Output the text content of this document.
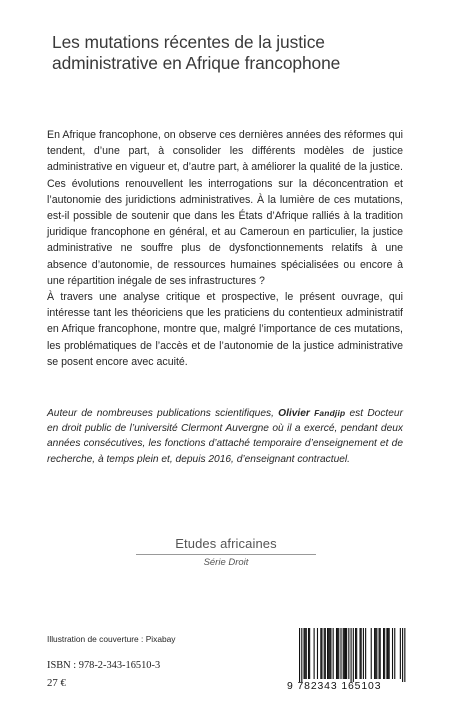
Les mutations récentes de la justice
administrative en Afrique francophone
En Afrique francophone, on observe ces dernières années des réformes qui tendent, d’une part, à consolider les différents modèles de justice administrative en vigueur et, d’autre part, à améliorer la qualité de la justice. Ces évolutions renouvellent les interrogations sur la déconcentration et l’autonomie des juridictions administratives. À la lumière de ces mutations, est-il possible de soutenir que dans les États d’Afrique ralliés à la tradition juridique francophone en général, et au Cameroun en particulier, la justice administrative ne souffre plus de dysfonctionnements relatifs à une absence d’autonomie, de ressources humaines spécialisées ou encore à une répartition inégale de ses infrastructures ?
À travers une analyse critique et prospective, le présent ouvrage, qui intéresse tant les théoriciens que les praticiens du contentieux administratif en Afrique francophone, montre que, malgré l’importance de ces mutations, les problématiques de l’accès et de l’autonomie de la justice administrative se posent encore avec acuité.
Auteur de nombreuses publications scientifiques, Olivier Fandjip est Docteur en droit public de l’université Clermont Auvergne où il a exercé, pendant deux années consécutives, les fonctions d’attaché temporaire d’enseignement et de recherche, à temps plein et, depuis 2016, d’enseignant contractuel.
Etudes africaines
Série Droit
Illustration de couverture : Pixabay
ISBN : 978-2-343-16510-3
27 €	9 782343 165103
